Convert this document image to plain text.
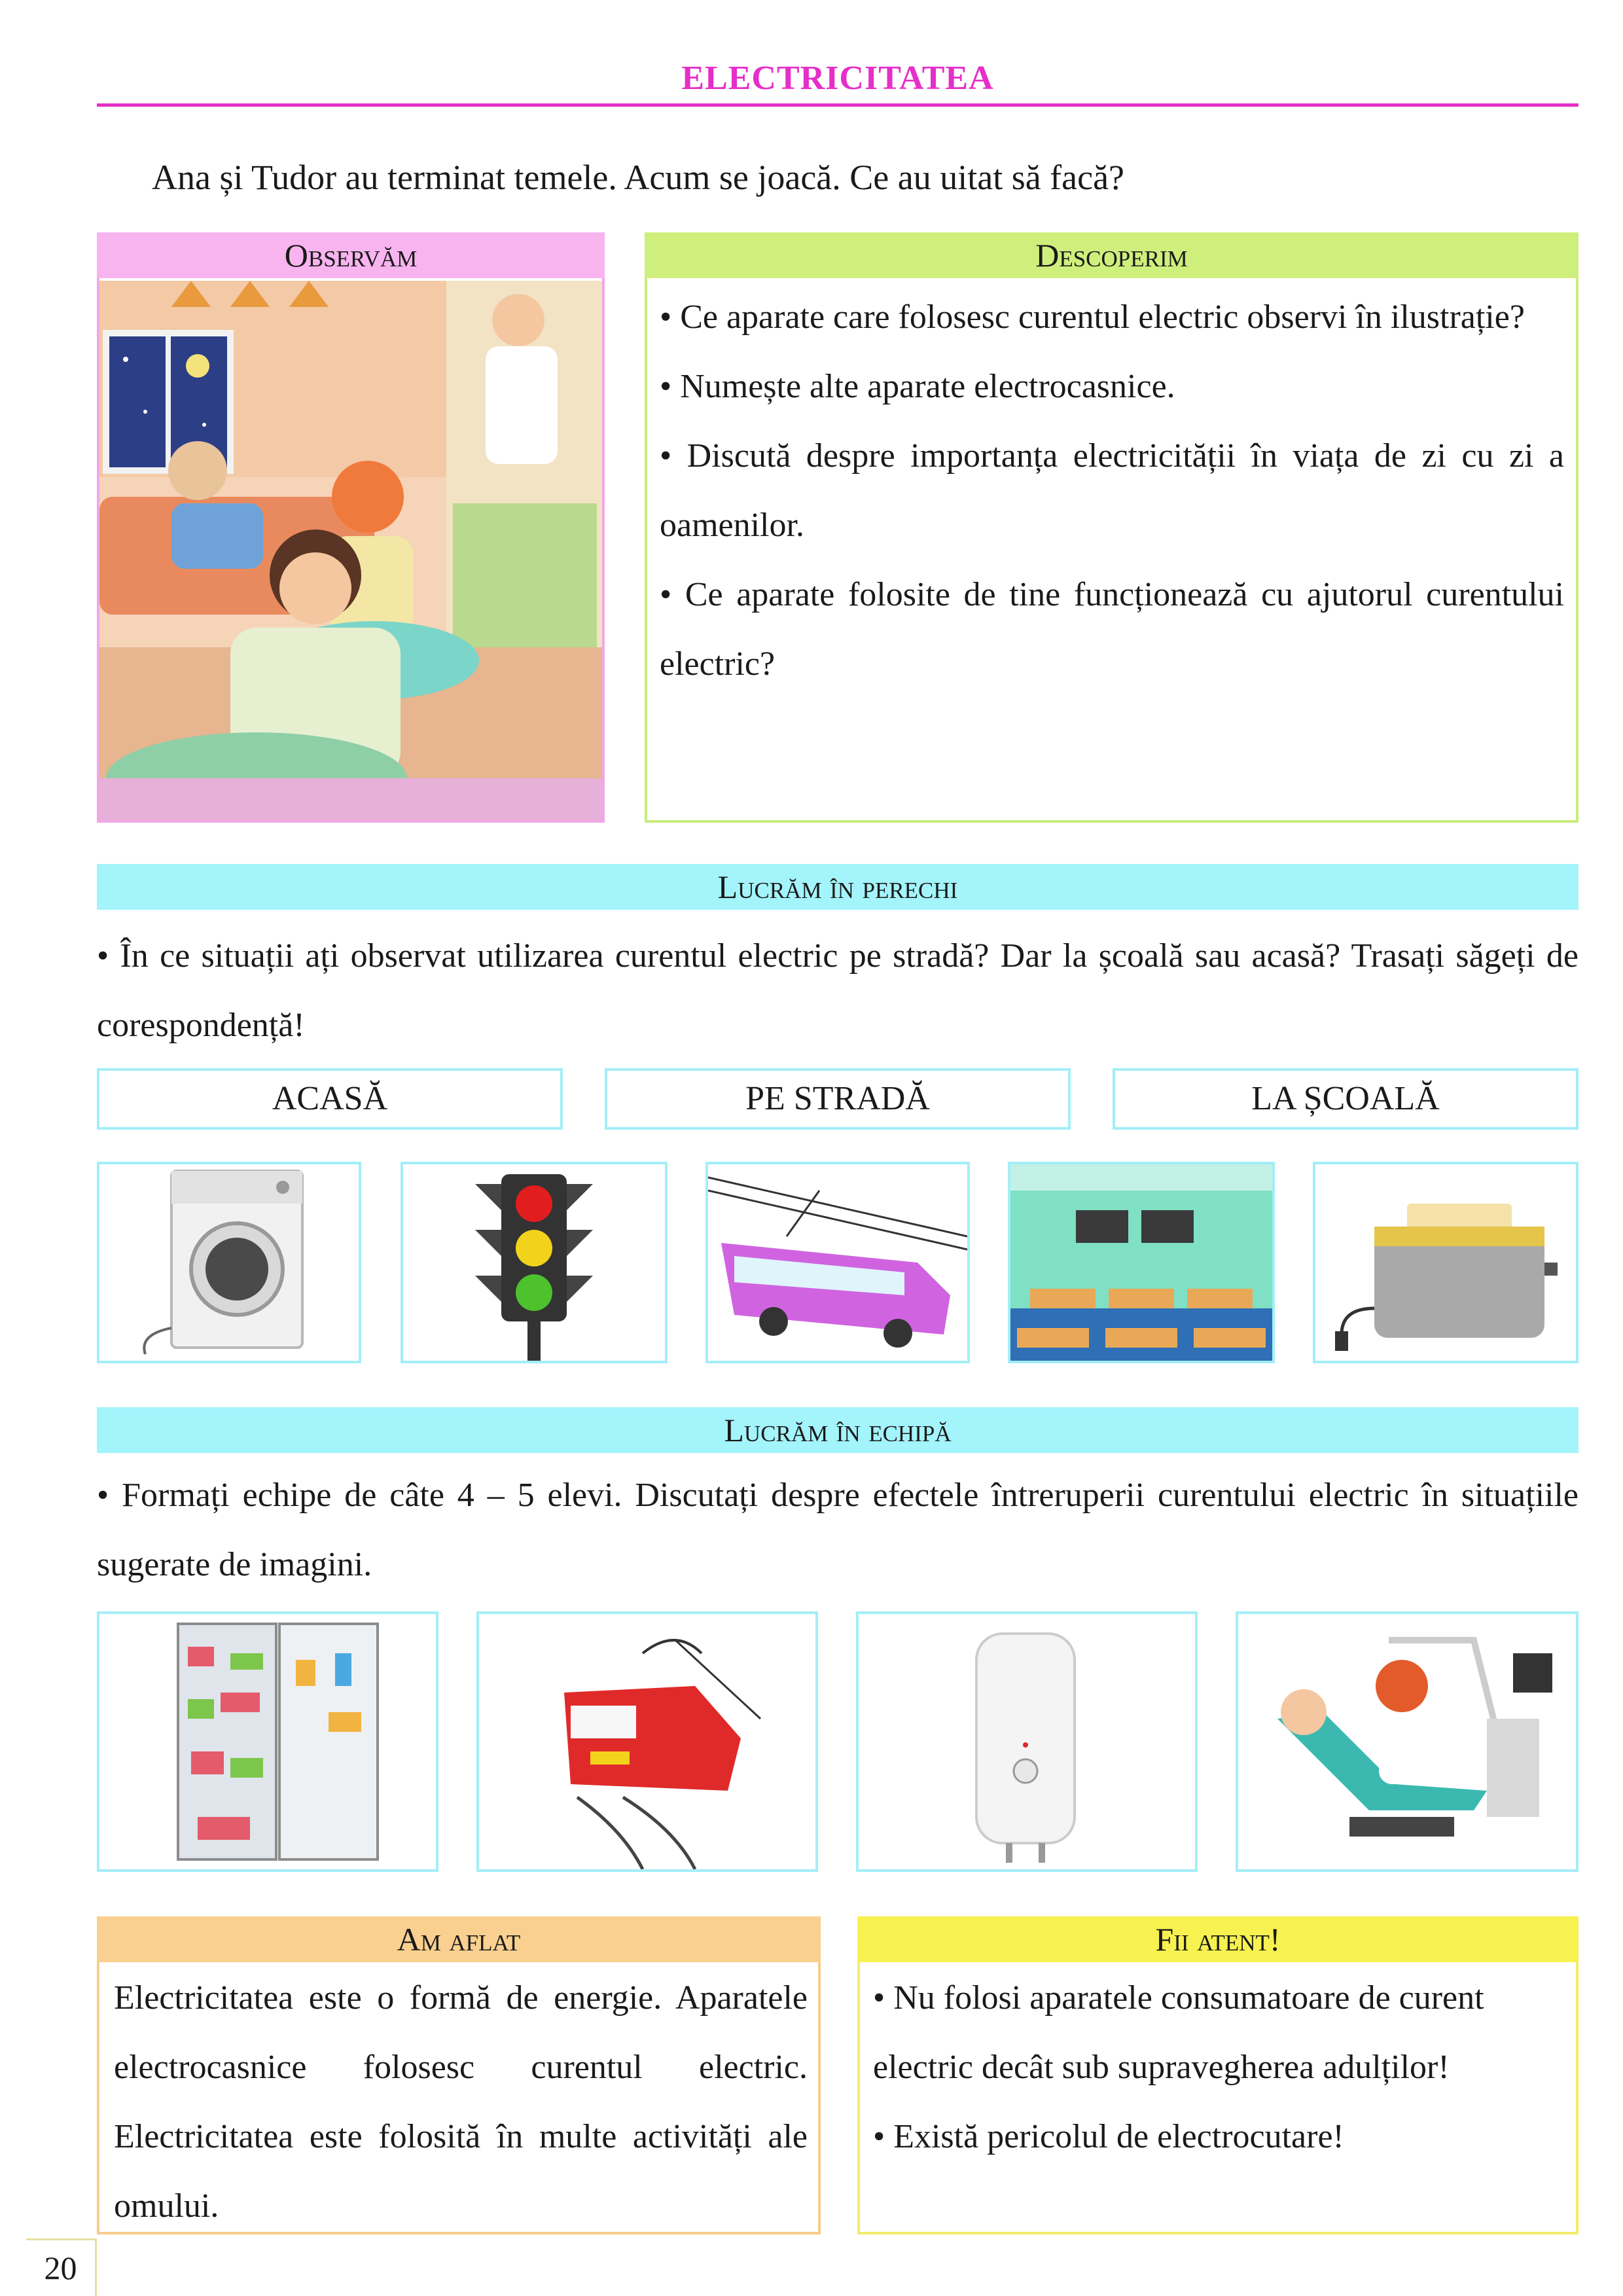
ELECTRICITATEA
Ana și Tudor au terminat temele. Acum se joacă. Ce au uitat să facă?
Observăm	Descoperim

• Ce aparate care folosesc curentul electric observi în ilustrație?

• Numește alte aparate electrocasnice.

• Discută despre importanța electricității în viața de zi cu zi a oamenilor.

• Ce aparate folosite de tine funcționează cu ajutorul curentului electric?

Lucrăm în perechi
• În ce situații ați observat utilizarea curentul electric pe stradă? Dar la școală sau acasă? Trasați săgeți de corespondență!
ACASĂ	PE STRADĂ	LA ȘCOALĂ
Lucrăm în echipă
• Formați echipe de câte 4 – 5 elevi. Discutați despre efectele întreruperii curentului electric în situațiile sugerate de imagini.
Am aflat
Electricitatea este o formă de energie. Aparatele electrocasnice folosesc curentul electric. Electricitatea este folosită în multe activități ale omului.
Fii atent!

• Nu folosi aparatele consumatoare de curent electric decât sub supravegherea adulților!

• Există pericolul de electrocutare!

20
